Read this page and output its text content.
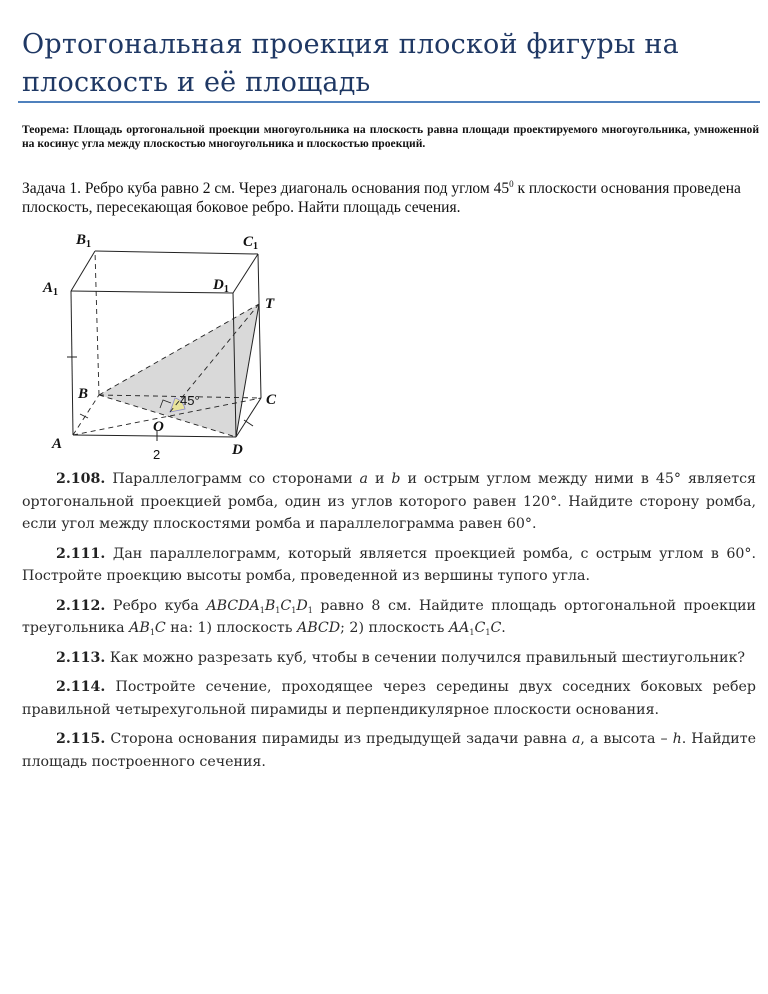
Ортогональная проекция плоской фигуры на плоскость и её площадь
Теорема: Площадь ортогональной проекции многоугольника на плоскость равна площади проектируемого многоугольника, умноженной на косинус угла между плоскостью многоугольника и плоскостью проекций.
Задача 1. Ребро куба равно 2 см. Через диагональ основания под углом $45^0$ к плоскости основания проведена плоскость, пересекающая боковое ребро. Найти площадь сечения.
$B_1$	$C_1$
$A_1$	$D_1$
T
B	C
A	D
O
45°
2

2.108. Параллелограмм со сторонами a и b и острым углом между ними в 45° является ортогональной проекцией ромба, один из углов которого равен 120°. Найдите сторону ромба, если угол между плоскостями ромба и параллелограмма равен 60°.

2.111. Дан параллелограмм, который является проекцией ромба, с острым углом в 60°. Постройте проекцию высоты ромба, проведенной из вершины тупого угла.

2.112. Ребро куба $ABCDA_1B_1C_1D_1$ равно 8 см. Найдите площадь ортогональной проекции треугольника $AB_1C$ на: 1) плоскость ABCD; 2) плоскость $AA_1C_1C$.

2.113. Как можно разрезать куб, чтобы в сечении получился правильный шестиугольник?

2.114. Постройте сечение, проходящее через середины двух соседних боковых ребер правильной четырехугольной пирамиды и перпендикулярное плоскости основания.

2.115. Сторона основания пирамиды из предыдущей задачи равна a, а высота – h. Найдите площадь построенного сечения.
